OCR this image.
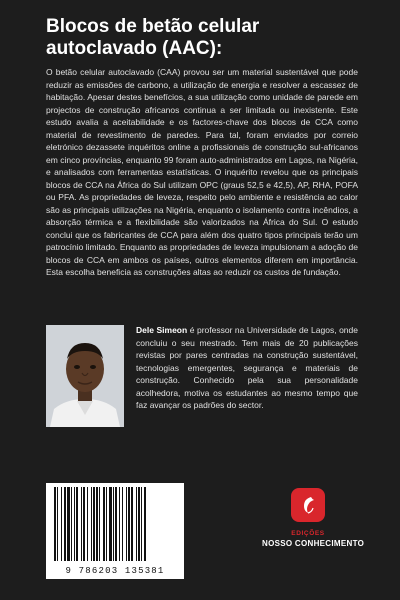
Blocos de betão celular autoclavado (AAC):

O betão celular autoclavado (CAA) provou ser um material sustentável que pode reduzir as emissões de carbono, a utilização de energia e resolver a escassez de habitação. Apesar destes benefícios, a sua utilização como unidade de parede em projectos de construção africanos continua a ser limitada ou inexistente. Este estudo avalia a aceitabilidade e os factores-chave dos blocos de CCA como material de revestimento de paredes. Para tal, foram enviados por correio eletrónico dezassete inquéritos online a profissionais de construção sul-africanos em cinco províncias, enquanto 99 foram auto-administrados em Lagos, na Nigéria, e analisados com ferramentas estatísticas. O inquérito revelou que os principais blocos de CCA na África do Sul utilizam OPC (graus 52,5 e 42,5), AP, RHA, POFA ou PFA. As propriedades de leveza, respeito pelo ambiente e resistência ao calor são as principais utilizações na Nigéria, enquanto o isolamento contra incêndios, a absorção térmica e a flexibilidade são valorizados na África do Sul. O estudo conclui que os fabricantes de CCA para além dos quatro tipos principais terão um patrocínio limitado. Enquanto as propriedades de leveza impulsionam a adoção de blocos de CCA em ambos os países, outros elementos diferem em importância. Esta escolha beneficia as construções altas ao reduzir os custos de fundação.

Dele Simeon é professor na Universidade de Lagos, onde concluiu o seu mestrado. Tem mais de 20 publicações revistas por pares centradas na construção sustentável, tecnologias emergentes, segurança e materiais de construção. Conhecido pela sua personalidade acolhedora, motiva os estudantes ao mesmo tempo que faz avançar os padrões do sector.

9 786203 135381
EDIÇÕES
NOSSO CONHECIMENTO
